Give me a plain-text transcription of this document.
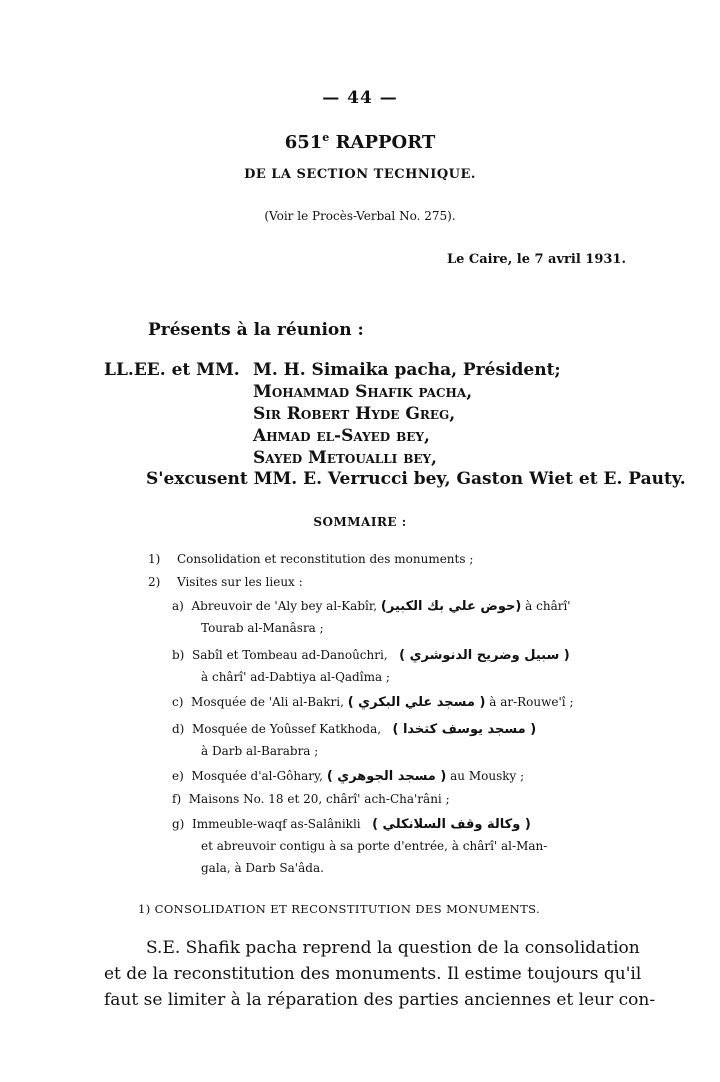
— 44 —
651e RAPPORT
DE LA SECTION TECHNIQUE.
(Voir le Procès-Verbal No. 275).
Le Caire, le 7 avril 1931.
Présents à la réunion :
LL.EE. et MM. M. H. Simaika pacha, Président;
Mohammad Shafik pacha,
Sir Robert Hyde Greg,
Ahmad el-Sayed bey,
Sayed Metoualli bey,
S'excusent MM. E. Verrucci bey, Gaston Wiet et E. Pauty.
SOMMAIRE :
1) Consolidation et reconstitution des monuments ;
2) Visites sur les lieux :
a) Abreuvoir de 'Aly bey al-Kabîr, (حوض علي بك الكبير) à chârî'
Tourab al-Manâsra ;
b) Sabîl et Tombeau ad-Danoûchri, ( سبيل وضريح الدنوشري )
à chârî' ad-Dabtiya al-Qadîma ;
c) Mosquée de 'Ali al-Bakri, ( مسجد علي البكري ) à ar-Rouwe'î ;
d) Mosquée de Yoûssef Katkhoda, ( مسجد يوسف كتخدا )
à Darb al-Barabra ;
e) Mosquée d'al-Gôhary, ( مسجد الجوهري ) au Mousky ;
f) Maisons No. 18 et 20, chârî' ach-Cha'râni ;
g) Immeuble-waqf as-Salânikli ( وكالة وقف السلانكلي )
et abreuvoir contigu à sa porte d'entrée, à chârî' al-Man-
gala, à Darb Sa'âda.
1) CONSOLIDATION ET RECONSTITUTION DES MONUMENTS.
S.E. Shafik pacha reprend la question de la consolidation
et de la reconstitution des monuments. Il estime toujours qu'il
faut se limiter à la réparation des parties anciennes et leur con-
